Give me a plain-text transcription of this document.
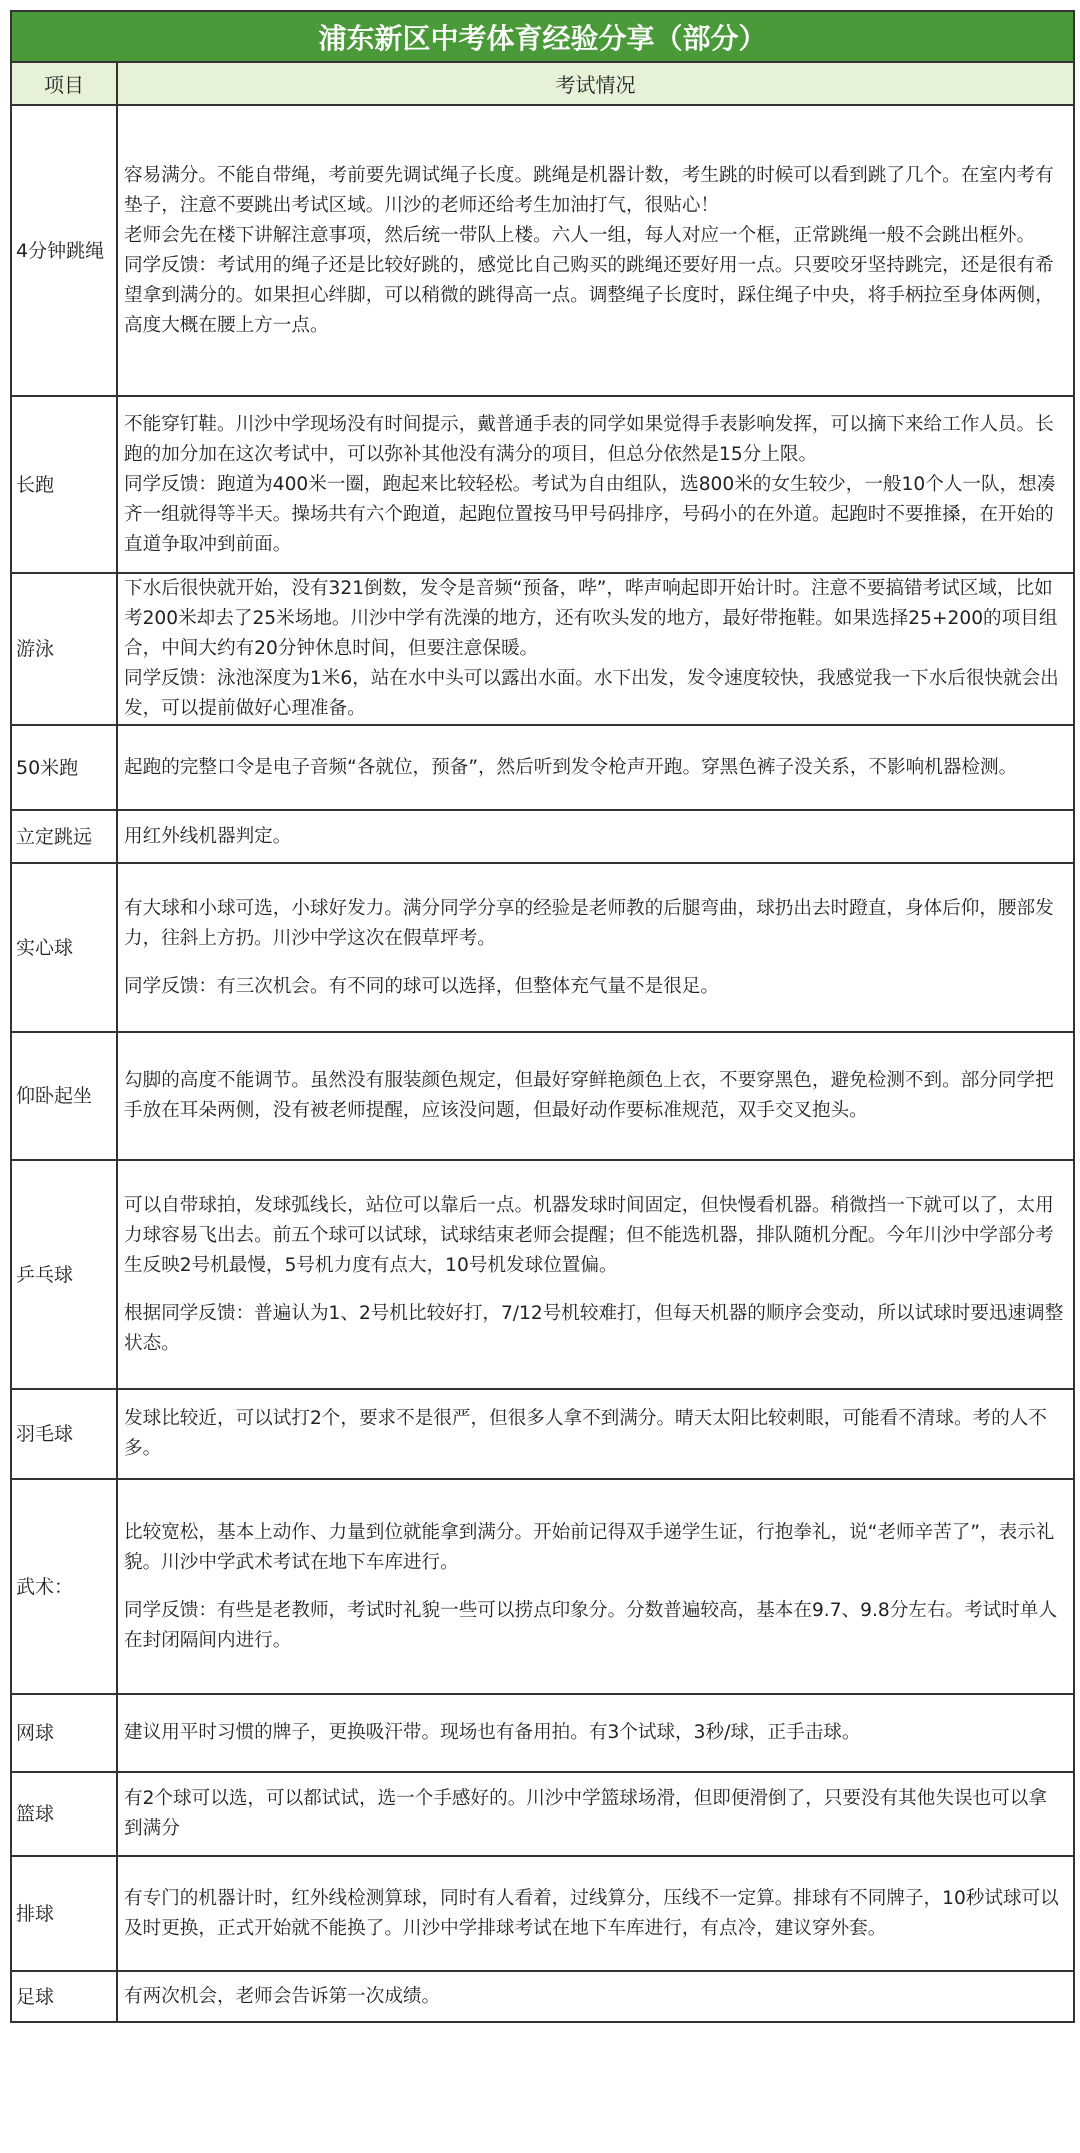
浦东新区中考体育经验分享（部分）
项目	考试情况
4分钟跳绳	容易满分。不能自带绳，考前要先调试绳子长度。跳绳是机器计数，考生跳的时候可以看到跳了几个。在室内考有垫子，注意不要跳出考试区域。川沙的老师还给考生加油打气，很贴心！

老师会先在楼下讲解注意事项，然后统一带队上楼。六人一组，每人对应一个框，正常跳绳一般不会跳出框外。

同学反馈：考试用的绳子还是比较好跳的，感觉比自己购买的跳绳还要好用一点。只要咬牙坚持跳完，还是很有希望拿到满分的。如果担心绊脚，可以稍微的跳得高一点。调整绳子长度时，踩住绳子中央，将手柄拉至身体两侧，高度大概在腰上方一点。

长跑	不能穿钉鞋。川沙中学现场没有时间提示，戴普通手表的同学如果觉得手表影响发挥，可以摘下来给工作人员。长跑的加分加在这次考试中，可以弥补其他没有满分的项目，但总分依然是15分上限。

同学反馈：跑道为400米一圈，跑起来比较轻松。考试为自由组队，选800米的女生较少，一般10个人一队，想凑齐一组就得等半天。操场共有六个跑道，起跑位置按马甲号码排序，号码小的在外道。起跑时不要推搡，在开始的直道争取冲到前面。

游泳	下水后很快就开始，没有321倒数，发令是音频“预备，哔”，哔声响起即开始计时。注意不要搞错考试区域，比如考200米却去了25米场地。川沙中学有洗澡的地方，还有吹头发的地方，最好带拖鞋。如果选择25+200的项目组合，中间大约有20分钟休息时间，但要注意保暖。

同学反馈：泳池深度为1米6，站在水中头可以露出水面。水下出发，发令速度较快，我感觉我一下水后很快就会出发，可以提前做好心理准备。

50米跑	起跑的完整口令是电子音频“各就位，预备”，然后听到发令枪声开跑。穿黑色裤子没关系，不影响机器检测。

立定跳远	用红外线机器判定。

实心球	有大球和小球可选，小球好发力。满分同学分享的经验是老师教的后腿弯曲，球扔出去时蹬直，身体后仰，腰部发力，往斜上方扔。川沙中学这次在假草坪考。

同学反馈：有三次机会。有不同的球可以选择，但整体充气量不是很足。

仰卧起坐	勾脚的高度不能调节。虽然没有服装颜色规定，但最好穿鲜艳颜色上衣，不要穿黑色，避免检测不到。部分同学把手放在耳朵两侧，没有被老师提醒，应该没问题，但最好动作要标准规范，双手交叉抱头。

乒乓球	可以自带球拍，发球弧线长，站位可以靠后一点。机器发球时间固定，但快慢看机器。稍微挡一下就可以了，太用力球容易飞出去。前五个球可以试球，试球结束老师会提醒；但不能选机器，排队随机分配。今年川沙中学部分考生反映2号机最慢，5号机力度有点大，10号机发球位置偏。

根据同学反馈：普遍认为1、2号机比较好打，7/12号机较难打，但每天机器的顺序会变动，所以试球时要迅速调整状态。

羽毛球	发球比较近，可以试打2个，要求不是很严，但很多人拿不到满分。晴天太阳比较刺眼，可能看不清球。考的人不多。

武术：	比较宽松，基本上动作、力量到位就能拿到满分。开始前记得双手递学生证，行抱拳礼，说“老师辛苦了”，表示礼貌。川沙中学武术考试在地下车库进行。

同学反馈：有些是老教师，考试时礼貌一些可以捞点印象分。分数普遍较高，基本在9.7、9.8分左右。考试时单人在封闭隔间内进行。

网球	建议用平时习惯的牌子，更换吸汗带。现场也有备用拍。有3个试球，3秒/球，正手击球。

篮球	有2个球可以选，可以都试试，选一个手感好的。川沙中学篮球场滑，但即便滑倒了，只要没有其他失误也可以拿到满分

排球	有专门的机器计时，红外线检测算球，同时有人看着，过线算分，压线不一定算。排球有不同牌子，10秒试球可以及时更换，正式开始就不能换了。川沙中学排球考试在地下车库进行，有点冷，建议穿外套。

足球	有两次机会，老师会告诉第一次成绩。
